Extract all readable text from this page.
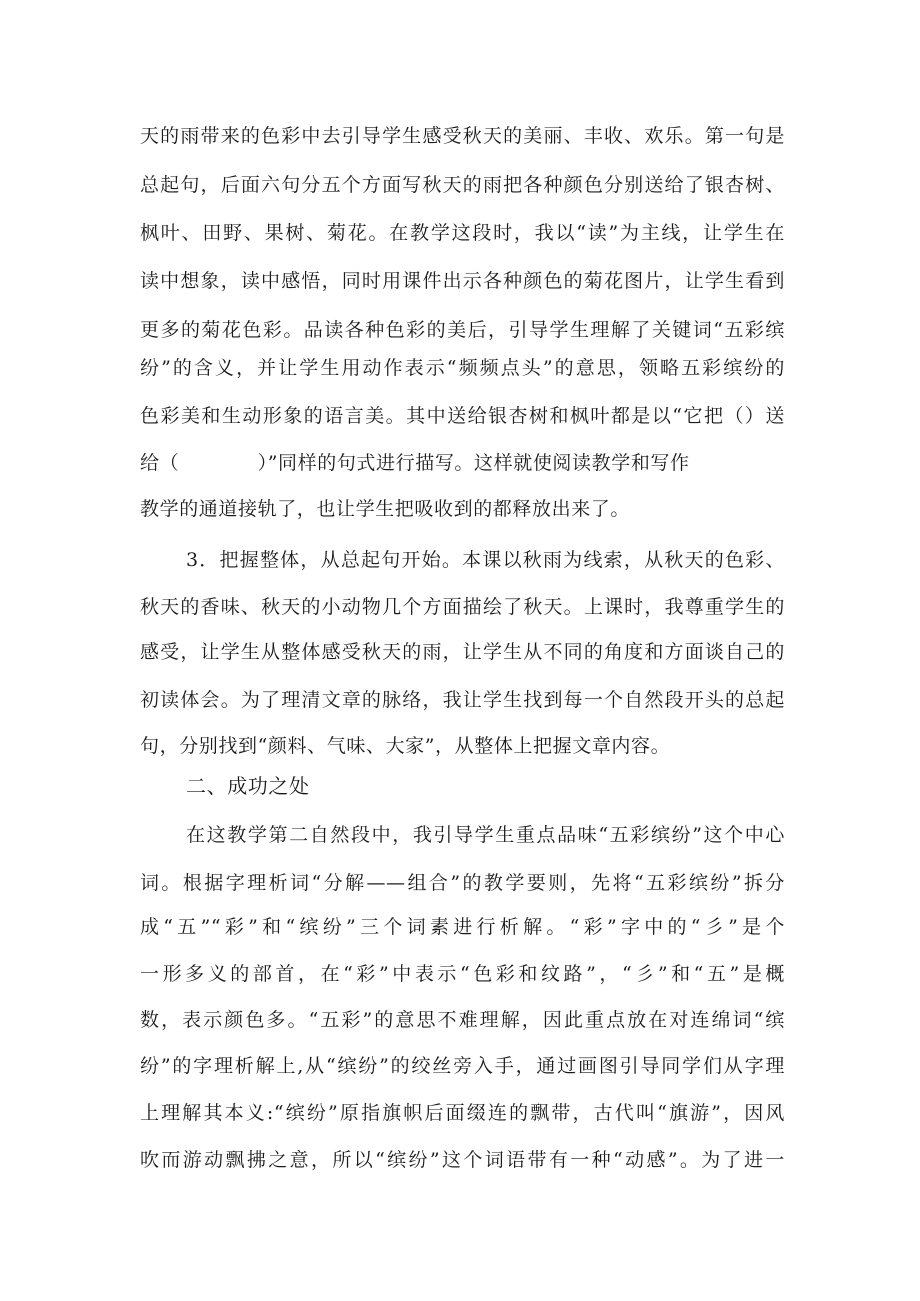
天的雨带来的色彩中去引导学生感受秋天的美丽、丰收、欢乐。第一句是
总起句，后面六句分五个方面写秋天的雨把各种颜色分别送给了银杏树、
枫叶、田野、果树、菊花。在教学这段时，我以“读”为主线，让学生在
读中想象，读中感悟，同时用课件出示各种颜色的菊花图片，让学生看到
更多的菊花色彩。品读各种色彩的美后，引导学生理解了关键词“五彩缤
纷”的含义，并让学生用动作表示“频频点头”的意思，领略五彩缤纷的
色彩美和生动形象的语言美。其中送给银杏树和枫叶都是以“它把（）送
给（　　　　）”同样的句式进行描写。这样就使阅读教学和写作
教学的通道接轨了，也让学生把吸收到的都释放出来了。
3．把握整体，从总起句开始。本课以秋雨为线索，从秋天的色彩、
秋天的香味、秋天的小动物几个方面描绘了秋天。上课时，我尊重学生的
感受，让学生从整体感受秋天的雨，让学生从不同的角度和方面谈自己的
初读体会。为了理清文章的脉络，我让学生找到每一个自然段开头的总起
句，分别找到“颜料、气味、大家”，从整体上把握文章内容。
二、成功之处
在这教学第二自然段中，我引导学生重点品味“五彩缤纷”这个中心
词。根据字理析词“分解——组合”的教学要则，先将“五彩缤纷”拆分
成“五”“彩”和“缤纷”三个词素进行析解。“彩”字中的“彡”是个
一形多义的部首，在“彩”中表示“色彩和纹路”，“彡”和“五”是概
数，表示颜色多。“五彩”的意思不难理解，因此重点放在对连绵词“缤
纷”的字理析解上,从“缤纷”的绞丝旁入手，通过画图引导同学们从字理
上理解其本义:“缤纷”原指旗帜后面缀连的飘带，古代叫“旗游”，因风
吹而游动飘拂之意，所以“缤纷”这个词语带有一种“动感”。为了进一
